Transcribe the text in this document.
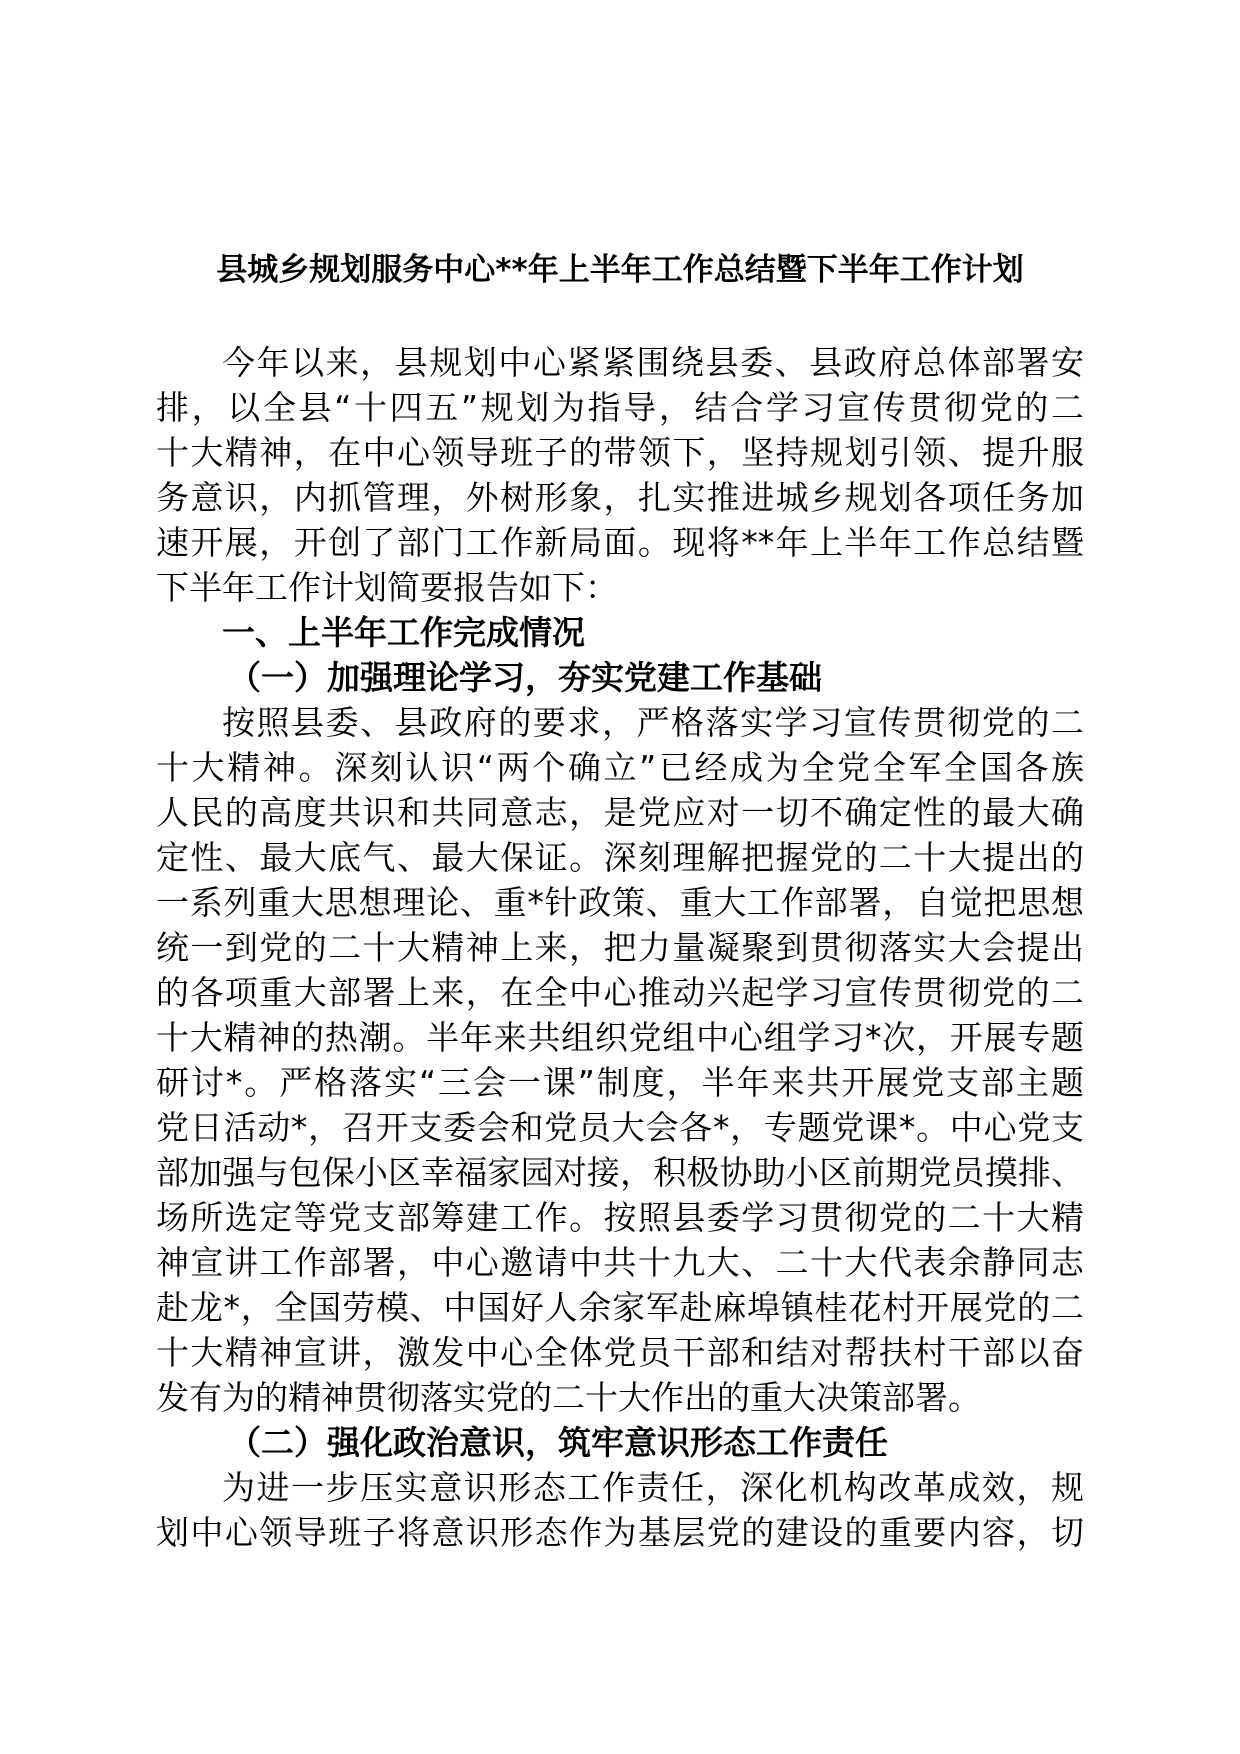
县城乡规划服务中心**年上半年工作总结暨下半年工作计划
今年以来，县规划中心紧紧围绕县委、县政府总体部署安
排，以全县“十四五”规划为指导，结合学习宣传贯彻党的二
十大精神，在中心领导班子的带领下，坚持规划引领、提升服
务意识，内抓管理，外树形象，扎实推进城乡规划各项任务加
速开展，开创了部门工作新局面。现将**年上半年工作总结暨
下半年工作计划简要报告如下：
一、上半年工作完成情况
（一）加强理论学习，夯实党建工作基础
按照县委、县政府的要求，严格落实学习宣传贯彻党的二
十大精神。深刻认识“两个确立”已经成为全党全军全国各族
人民的高度共识和共同意志，是党应对一切不确定性的最大确
定性、最大底气、最大保证。深刻理解把握党的二十大提出的
一系列重大思想理论、重*针政策、重大工作部署，自觉把思想
统一到党的二十大精神上来，把力量凝聚到贯彻落实大会提出
的各项重大部署上来，在全中心推动兴起学习宣传贯彻党的二
十大精神的热潮。半年来共组织党组中心组学习*次，开展专题
研讨*。严格落实“三会一课”制度，半年来共开展党支部主题
党日活动*，召开支委会和党员大会各*，专题党课*。中心党支
部加强与包保小区幸福家园对接，积极协助小区前期党员摸排、
场所选定等党支部筹建工作。按照县委学习贯彻党的二十大精
神宣讲工作部署，中心邀请中共十九大、二十大代表余静同志
赴龙*，全国劳模、中国好人余家军赴麻埠镇桂花村开展党的二
十大精神宣讲，激发中心全体党员干部和结对帮扶村干部以奋
发有为的精神贯彻落实党的二十大作出的重大决策部署。
（二）强化政治意识，筑牢意识形态工作责任
为进一步压实意识形态工作责任，深化机构改革成效，规
划中心领导班子将意识形态作为基层党的建设的重要内容，切
